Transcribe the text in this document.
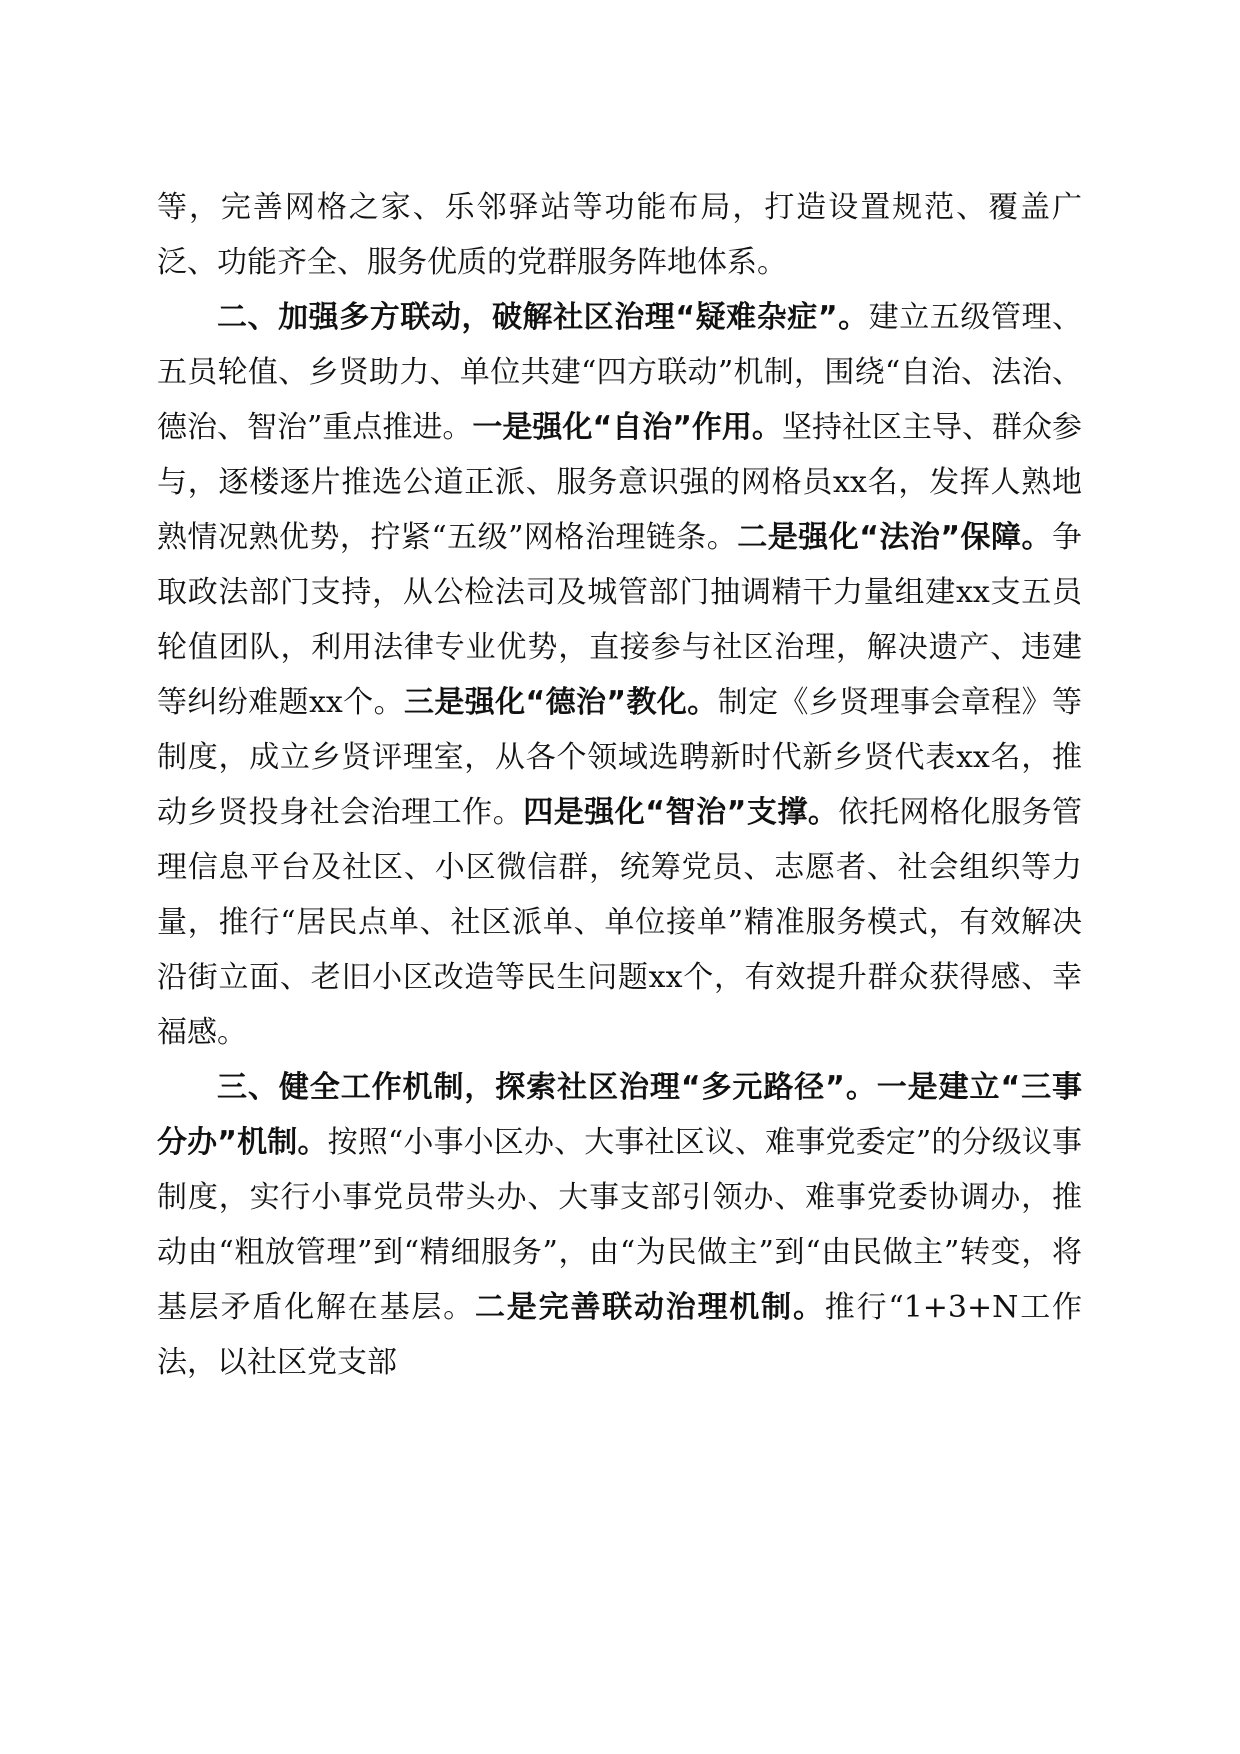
等，完善网格之家、乐邻驿站等功能布局，打造设置规范、覆盖广泛、功能齐全、服务优质的党群服务阵地体系。

二、加强多方联动，破解社区治理“疑难杂症”。建立五级管理、五员轮值、乡贤助力、单位共建“四方联动”机制，围绕“自治、法治、德治、智治”重点推进。一是强化“自治”作用。坚持社区主导、群众参与，逐楼逐片推选公道正派、服务意识强的网格员xx名，发挥人熟地熟情况熟优势，拧紧“五级”网格治理链条。二是强化“法治”保障。争取政法部门支持，从公检法司及城管部门抽调精干力量组建xx支五员轮值团队，利用法律专业优势，直接参与社区治理，解决遗产、违建等纠纷难题xx个。三是强化“德治”教化。制定《乡贤理事会章程》等制度，成立乡贤评理室，从各个领域选聘新时代新乡贤代表xx名，推动乡贤投身社会治理工作。四是强化“智治”支撑。依托网格化服务管理信息平台及社区、小区微信群，统筹党员、志愿者、社会组织等力量，推行“居民点单、社区派单、单位接单”精准服务模式，有效解决沿街立面、老旧小区改造等民生问题xx个，有效提升群众获得感、幸福感。

三、健全工作机制，探索社区治理“多元路径”。一是建立“三事分办”机制。按照“小事小区办、大事社区议、难事党委定”的分级议事制度，实行小事党员带头办、大事支部引领办、难事党委协调办，推动由“粗放管理”到“精细服务”，由“为民做主”到“由民做主”转变，将基层矛盾化解在基层。二是完善联动治理机制。推行“1+3+N工作法，以社区党支部
